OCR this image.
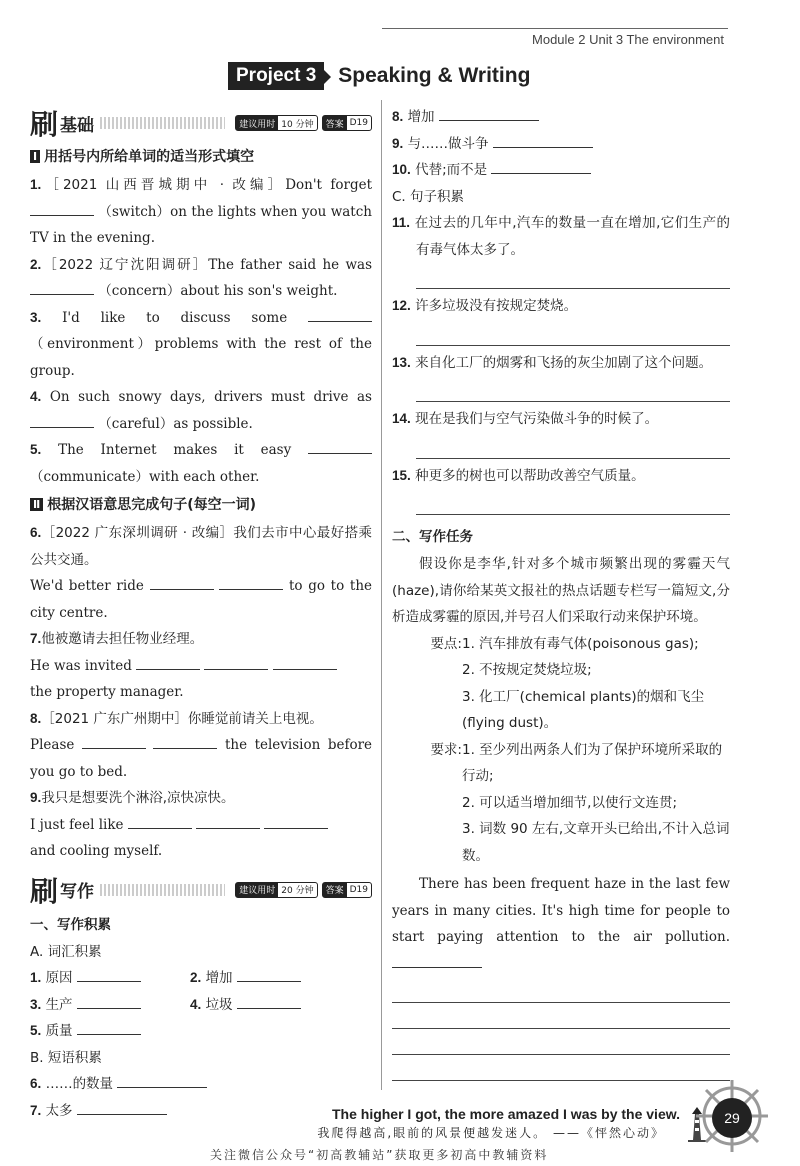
Module 2 Unit 3 The environment
Project 3	Speaking & Writing
刷 基础	建议用时 10 分钟	答案 D19
Ⅰ 用括号内所给单词的适当形式填空
1.［2021 山西晋城期中 · 改编］Don't forget  （switch）on the lights when you watch TV in the evening.
2.［2022 辽宁沈阳调研］The father said he was  （concern）about his son's weight.
3. I'd like to discuss some  （environment）problems with the rest of the group.
4. On such snowy days, drivers must drive as  （careful）as possible.
5. The Internet makes it easy  （communicate）with each other.
Ⅱ 根据汉语意思完成句子(每空一词)
6.［2022 广东深圳调研 · 改编］我们去市中心最好搭乘公共交通。
We'd better ride	to go to the city centre.
7.他被邀请去担任物业经理。
He was invited
the property manager.
8.［2021 广东广州期中］你睡觉前请关上电视。
Please	the television before you go to bed.
9.我只是想要洗个淋浴,凉快凉快。
I just feel like
and cooling myself.
刷 写作	建议用时 20 分钟	答案 D19
一、写作积累
A. 词汇积累
1. 原因	2. 增加
3. 生产	4. 垃圾
5. 质量
B. 短语积累
6. ……的数量
7. 太多
8. 增加
9. 与……做斗争
10. 代替;而不是
C. 句子积累
11. 在过去的几年中,汽车的数量一直在增加,它们生产的有毒气体太多了。
12. 许多垃圾没有按规定焚烧。
13. 来自化工厂的烟雾和飞扬的灰尘加剧了这个问题。
14. 现在是我们与空气污染做斗争的时候了。
15. 种更多的树也可以帮助改善空气质量。
二、写作任务
假设你是李华,针对多个城市频繁出现的雾霾天气(haze),请你给某英文报社的热点话题专栏写一篇短文,分析造成雾霾的原因,并号召人们采取行动来保护环境。
要点: 1. 汽车排放有毒气体(poisonous gas);
2. 不按规定焚烧垃圾;
3. 化工厂(chemical plants)的烟和飞尘(flying dust)。
要求: 1. 至少列出两条人们为了保护环境所采取的行动;
2. 可以适当增加细节,以使行文连贯;
3. 词数 90 左右,文章开头已给出,不计入总词数。
There has been frequent haze in the last few years in many cities. It's high time for people to start paying attention to the air pollution.
The higher I got, the more amazed I was by the view.
我爬得越高,眼前的风景便越发迷人。 ——《怦然心动》
关注微信公众号“初高教辅站”获取更多初高中教辅资料
29
